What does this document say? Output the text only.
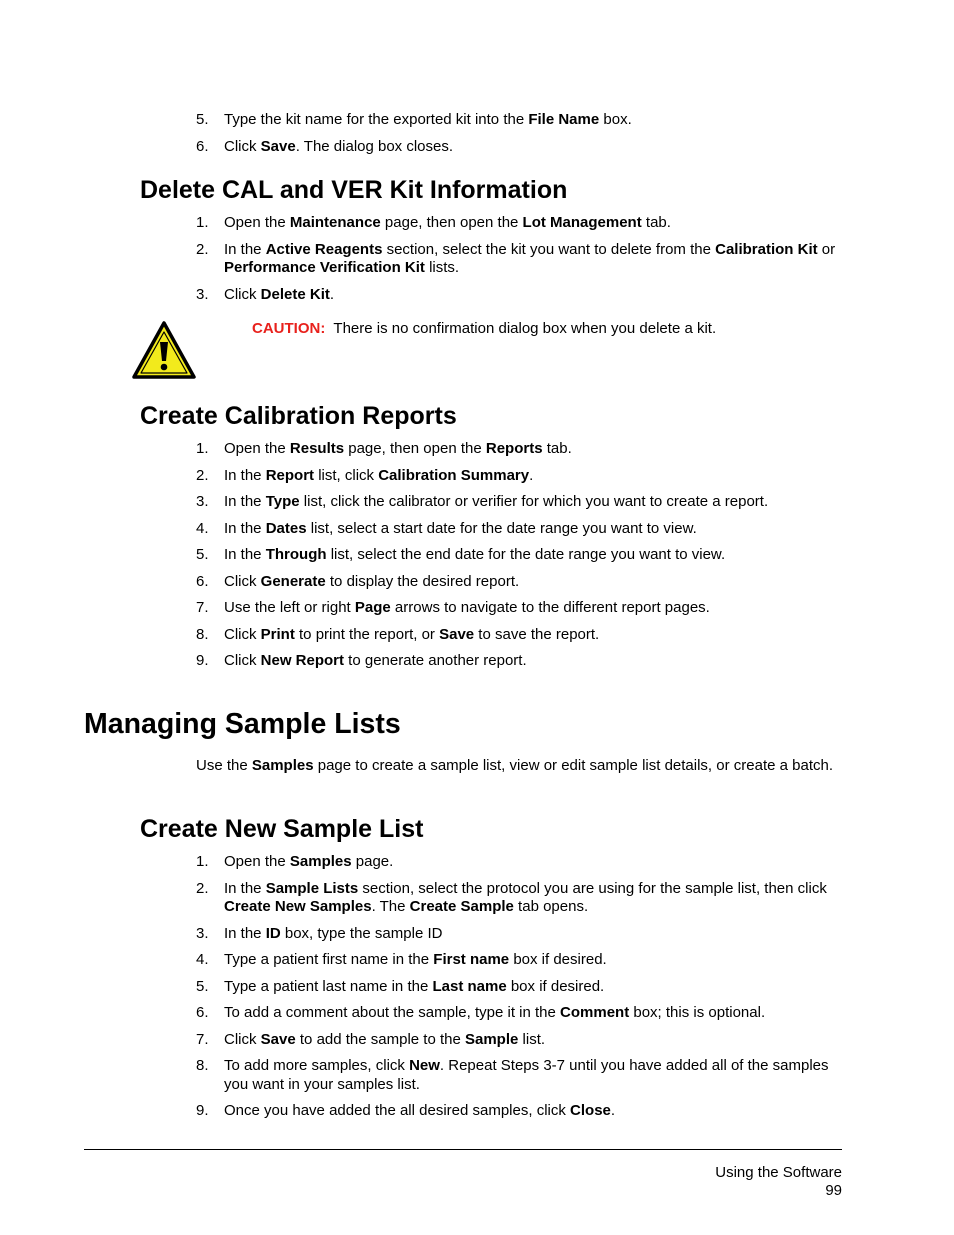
5. Type the kit name for the exported kit into the File Name box.
6. Click Save. The dialog box closes.
Delete CAL and VER Kit Information
1. Open the Maintenance page, then open the Lot Management tab.
2. In the Active Reagents section, select the kit you want to delete from the Calibration Kit or Performance Verification Kit lists.
3. Click Delete Kit.
CAUTION: There is no confirmation dialog box when you delete a kit.
Create Calibration Reports
1. Open the Results page, then open the Reports tab.
2. In the Report list, click Calibration Summary.
3. In the Type list, click the calibrator or verifier for which you want to create a report.
4. In the Dates list, select a start date for the date range you want to view.
5. In the Through list, select the end date for the date range you want to view.
6. Click Generate to display the desired report.
7. Use the left or right Page arrows to navigate to the different report pages.
8. Click Print to print the report, or Save to save the report.
9. Click New Report to generate another report.
Managing Sample Lists

Use the Samples page to create a sample list, view or edit sample list details, or create a batch.

Create New Sample List
1. Open the Samples page.
2. In the Sample Lists section, select the protocol you are using for the sample list, then click Create New Samples. The Create Sample tab opens.
3. In the ID box, type the sample ID
4. Type a patient first name in the First name box if desired.
5. Type a patient last name in the Last name box if desired.
6. To add a comment about the sample, type it in the Comment box; this is optional.
7. Click Save to add the sample to the Sample list.
8. To add more samples, click New. Repeat Steps 3-7 until you have added all of the samples you want in your samples list.
9. Once you have added the all desired samples, click Close.
Using the Software
99
